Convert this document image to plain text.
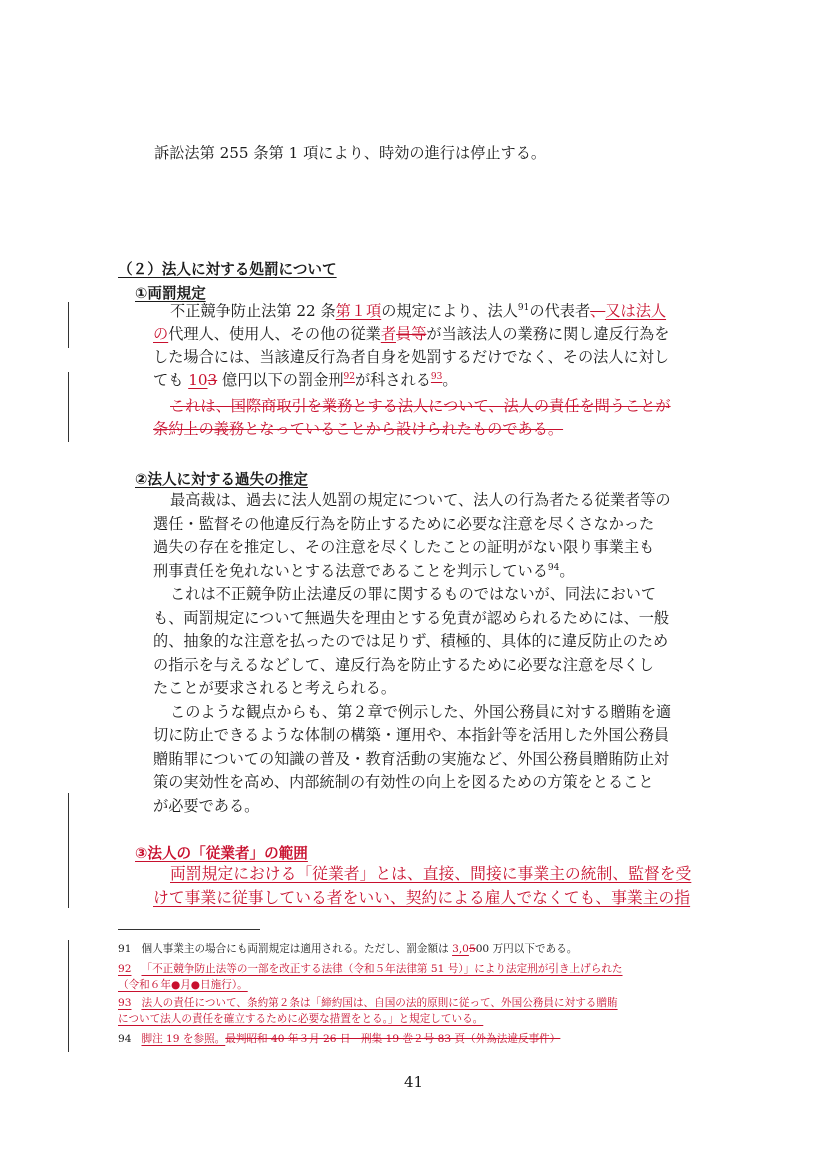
訴訟法第 255 条第 1 項により、時効の進行は停止する。
（２）法人に対する処罰について
①両罰規定
不正競争防止法第 22 条第１項の規定により、法人$^{91}$の代表者、又は法人
の代理人、使用人、その他の従業者員等が当該法人の業務に関し違反行為を
した場合には、当該違反行為者自身を処罰するだけでなく、その法人に対し
ても 103 億円以下の罰金刑$^{92}$が科される$^{93}$。
これは、国際商取引を業務とする法人について、法人の責任を問うことが
条約上の義務となっていることから設けられたものである。
②法人に対する過失の推定
最高裁は、過去に法人処罰の規定について、法人の行為者たる従業者等の
選任・監督その他違反行為を防止するために必要な注意を尽くさなかった
過失の存在を推定し、その注意を尽くしたことの証明がない限り事業主も
刑事責任を免れないとする法意であることを判示している$^{94}$。
これは不正競争防止法違反の罪に関するものではないが、同法において
も、両罰規定について無過失を理由とする免責が認められるためには、一般
的、抽象的な注意を払ったのでは足りず、積極的、具体的に違反防止のため
の指示を与えるなどして、違反行為を防止するために必要な注意を尽くし
たことが要求されると考えられる。
このような観点からも、第２章で例示した、外国公務員に対する贈賄を適
切に防止できるような体制の構築・運用や、本指針等を活用した外国公務員
贈賄罪についての知識の普及・教育活動の実施など、外国公務員贈賄防止対
策の実効性を高め、内部統制の有効性の向上を図るための方策をとること
が必要である。
③法人の「従業者」の範囲
両罰規定における「従業者」とは、直接、間接に事業主の統制、監督を受
けて事業に従事している者をいい、契約による雇人でなくても、事業主の指
91 個人事業主の場合にも両罰規定は適用される。ただし、罰金額は 3,0500 万円以下である。
92 「不正競争防止法等の一部を改正する法律（令和５年法律第 51 号）」により法定刑が引き上げられた
（令和６年●月●日施行）。
93 法人の責任について、条約第２条は「締約国は、自国の法的原則に従って、外国公務員に対する贈賄
について法人の責任を確立するために必要な措置をとる。」と規定している。
94 脚注 19 を参照。最判昭和 40 年３月 26 日　刑集 19 巻２号 83 頁（外為法違反事件）
41
